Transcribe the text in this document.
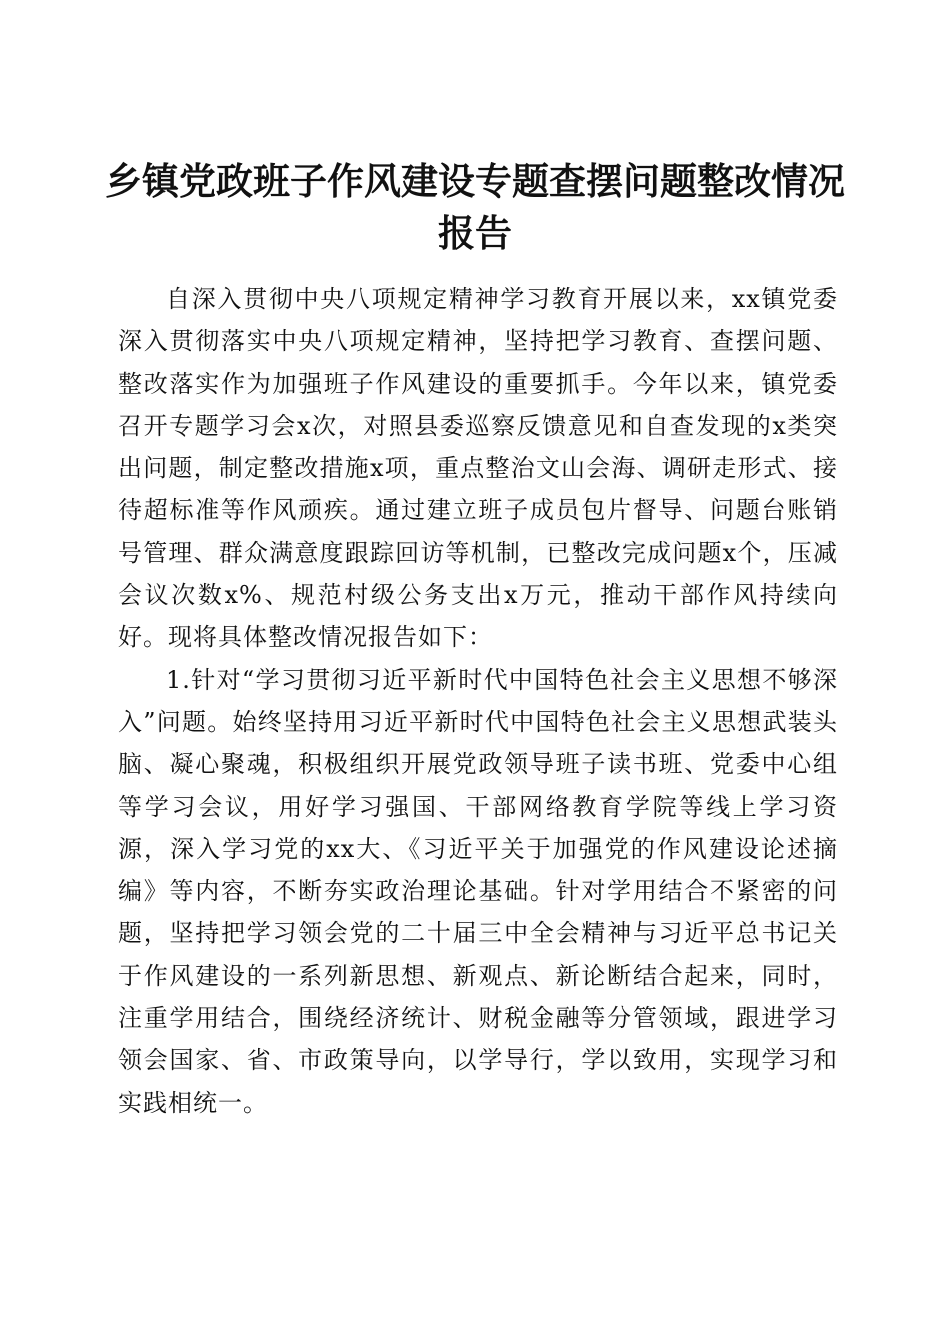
乡镇党政班子作风建设专题查摆问题整改情况
报告

自深入贯彻中央八项规定精神学习教育开展以来，xx镇党委深入贯彻落实中央八项规定精神，坚持把学习教育、查摆问题、整改落实作为加强班子作风建设的重要抓手。今年以来，镇党委召开专题学习会x次，对照县委巡察反馈意见和自查发现的x类突出问题，制定整改措施x项，重点整治文山会海、调研走形式、接待超标准等作风顽疾。通过建立班子成员包片督导、问题台账销号管理、群众满意度跟踪回访等机制，已整改完成问题x个，压减会议次数x%、规范村级公务支出x万元，推动干部作风持续向好。现将具体整改情况报告如下：

1.针对“学习贯彻习近平新时代中国特色社会主义思想不够深入”问题。始终坚持用习近平新时代中国特色社会主义思想武装头脑、凝心聚魂，积极组织开展党政领导班子读书班、党委中心组等学习会议，用好学习强国、干部网络教育学院等线上学习资源，深入学习党的xx大、《习近平关于加强党的作风建设论述摘编》等内容，不断夯实政治理论基础。针对学用结合不紧密的问题，坚持把学习领会党的二十届三中全会精神与习近平总书记关于作风建设的一系列新思想、新观点、新论断结合起来，同时，注重学用结合，围绕经济统计、财税金融等分管领域，跟进学习领会国家、省、市政策导向，以学导行，学以致用，实现学习和实践相统一。
